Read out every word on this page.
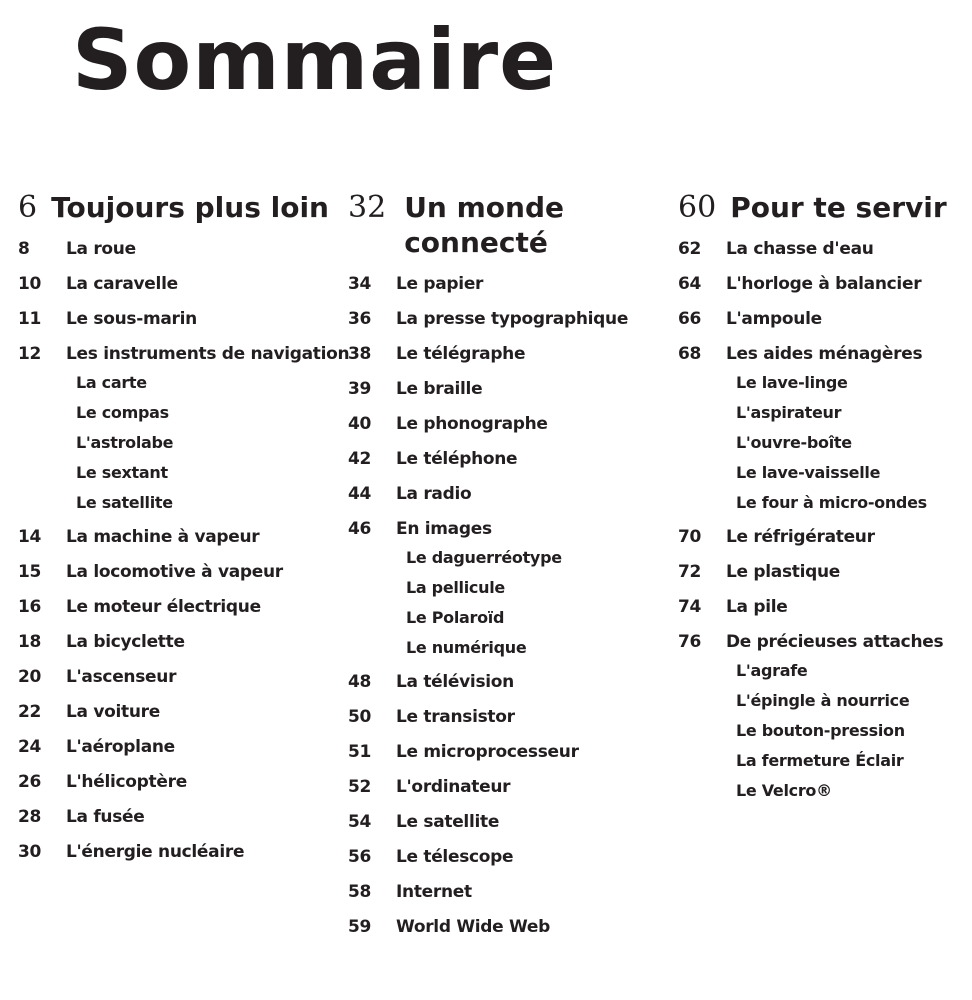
Sommaire
6 Toujours plus loin
8	La roue
10	La caravelle
11	Le sous-marin
12	Les instruments de navigation
La carte
Le compas
L'astrolabe
Le sextant
Le satellite
14	La machine à vapeur
15	La locomotive à vapeur
16	Le moteur électrique
18	La bicyclette
20	L'ascenseur
22	La voiture
24	L'aéroplane
26	L'hélicoptère
28	La fusée
30	L'énergie nucléaire
32 Un monde connecté
34	Le papier
36	La presse typographique
38	Le télégraphe
39	Le braille
40	Le phonographe
42	Le téléphone
44	La radio
46	En images
Le daguerréotype
La pellicule
Le Polaroïd
Le numérique
48	La télévision
50	Le transistor
51	Le microprocesseur
52	L'ordinateur
54	Le satellite
56	Le télescope
58	Internet
59	World Wide Web
60 Pour te servir
62	La chasse d'eau
64	L'horloge à balancier
66	L'ampoule
68	Les aides ménagères
Le lave-linge
L'aspirateur
L'ouvre-boîte
Le lave-vaisselle
Le four à micro-ondes
70	Le réfrigérateur
72	Le plastique
74	La pile
76	De précieuses attaches
L'agrafe
L'épingle à nourrice
Le bouton-pression
La fermeture Éclair
Le Velcro®
